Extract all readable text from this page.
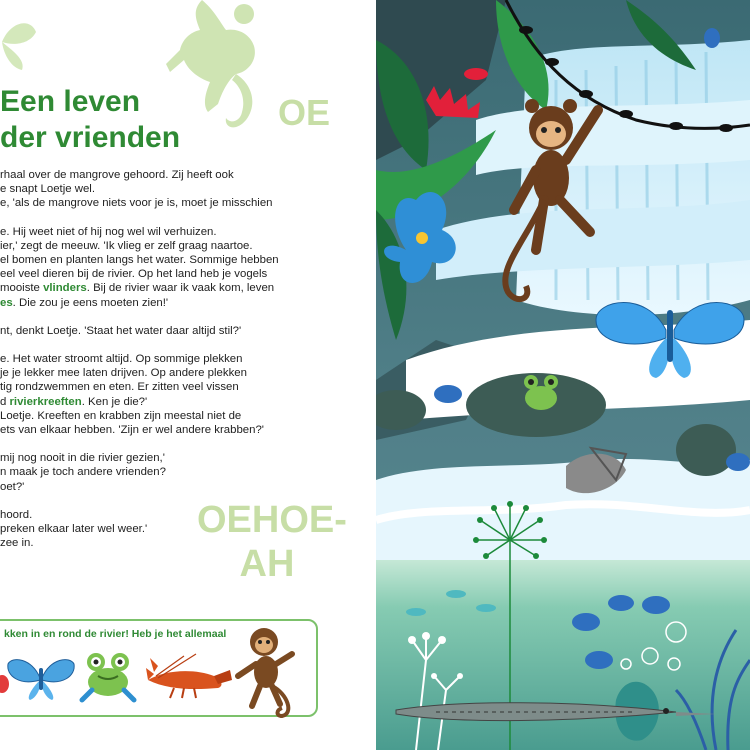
OE
Een leven
der vrienden

rhaal over de mangrove gehoord. Zij heeft ook
e snapt Loetje wel.
e, 'als de mangrove niets voor je is, moet je misschien

e. Hij weet niet of hij nog wel wil verhuizen.
ier,' zegt de meeuw. 'Ik vlieg er zelf graag naartoe.
el bomen en planten langs het water. Sommige hebben
eel veel dieren bij de rivier. Op het land heb je vogels
mooiste vlinders. Bij de rivier waar ik vaak kom, leven
es. Die zou je eens moeten zien!'

nt, denkt Loetje. 'Staat het water daar altijd stil?'

e. Het water stroomt altijd. Op sommige plekken
je je lekker mee laten drijven. Op andere plekken
tig rondzwemmen en eten. Er zitten veel vissen
d rivierkreeften. Ken je die?'
Loetje. Kreeften en krabben zijn meestal niet de
ets van elkaar hebben. 'Zijn er wel andere krabben?'

mij nog nooit in die rivier gezien,'
n maak je toch andere vrienden?
oet?'

hoord.
preken elkaar later wel weer.'
zee in.

OEHOE-
AH
kken in en rond de rivier! Heb je het allemaal
